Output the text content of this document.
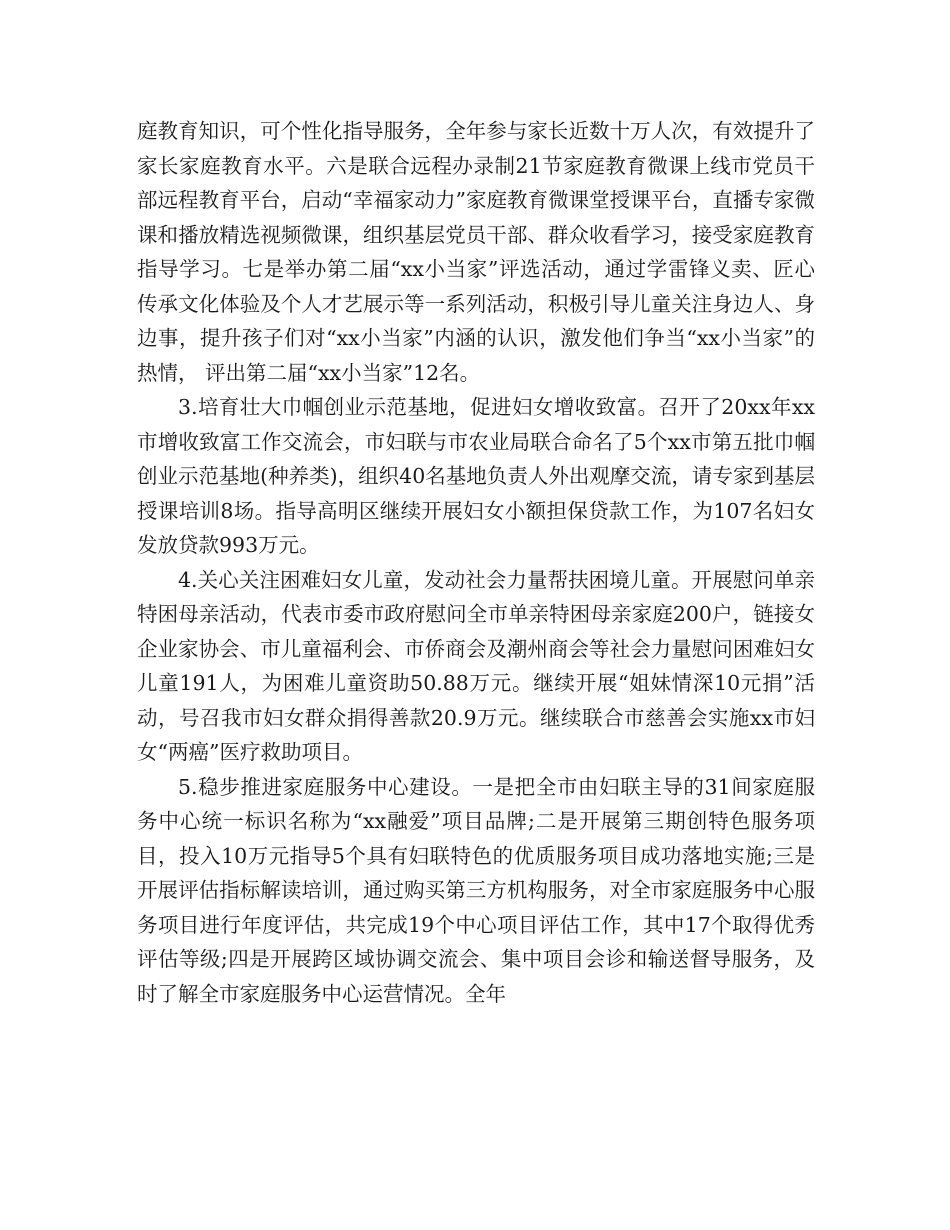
庭教育知识，可个性化指导服务，全年参与家长近数十万人次，有效提升了家长家庭教育水平。六是联合远程办录制21节家庭教育微课上线市党员干部远程教育平台，启动“幸福家动力”家庭教育微课堂授课平台，直播专家微课和播放精选视频微课，组织基层党员干部、群众收看学习，接受家庭教育指导学习。七是举办第二届“xx小当家”评选活动，通过学雷锋义卖、匠心传承文化体验及个人才艺展示等一系列活动，积极引导儿童关注身边人、身边事，提升孩子们对“xx小当家”内涵的认识，激发他们争当“xx小当家”的热情， 评出第二届“xx小当家”12名。

3.培育壮大巾帼创业示范基地，促进妇女增收致富。召开了20xx年xx市增收致富工作交流会，市妇联与市农业局联合命名了5个xx市第五批巾帼创业示范基地(种养类)，组织40名基地负责人外出观摩交流，请专家到基层授课培训8场。指导高明区继续开展妇女小额担保贷款工作，为107名妇女发放贷款993万元。

4.关心关注困难妇女儿童，发动社会力量帮扶困境儿童。开展慰问单亲特困母亲活动，代表市委市政府慰问全市单亲特困母亲家庭200户，链接女企业家协会、市儿童福利会、市侨商会及潮州商会等社会力量慰问困难妇女儿童191人，为困难儿童资助50.88万元。继续开展“姐妹情深10元捐”活动，号召我市妇女群众捐得善款20.9万元。继续联合市慈善会实施xx市妇女“两癌”医疗救助项目。

5.稳步推进家庭服务中心建设。一是把全市由妇联主导的31间家庭服务中心统一标识名称为“xx融爱”项目品牌;二是开展第三期创特色服务项目，投入10万元指导5个具有妇联特色的优质服务项目成功落地实施;三是开展评估指标解读培训，通过购买第三方机构服务，对全市家庭服务中心服务项目进行年度评估，共完成19个中心项目评估工作，其中17个取得优秀评估等级;四是开展跨区域协调交流会、集中项目会诊和输送督导服务，及时了解全市家庭服务中心运营情况。全年
